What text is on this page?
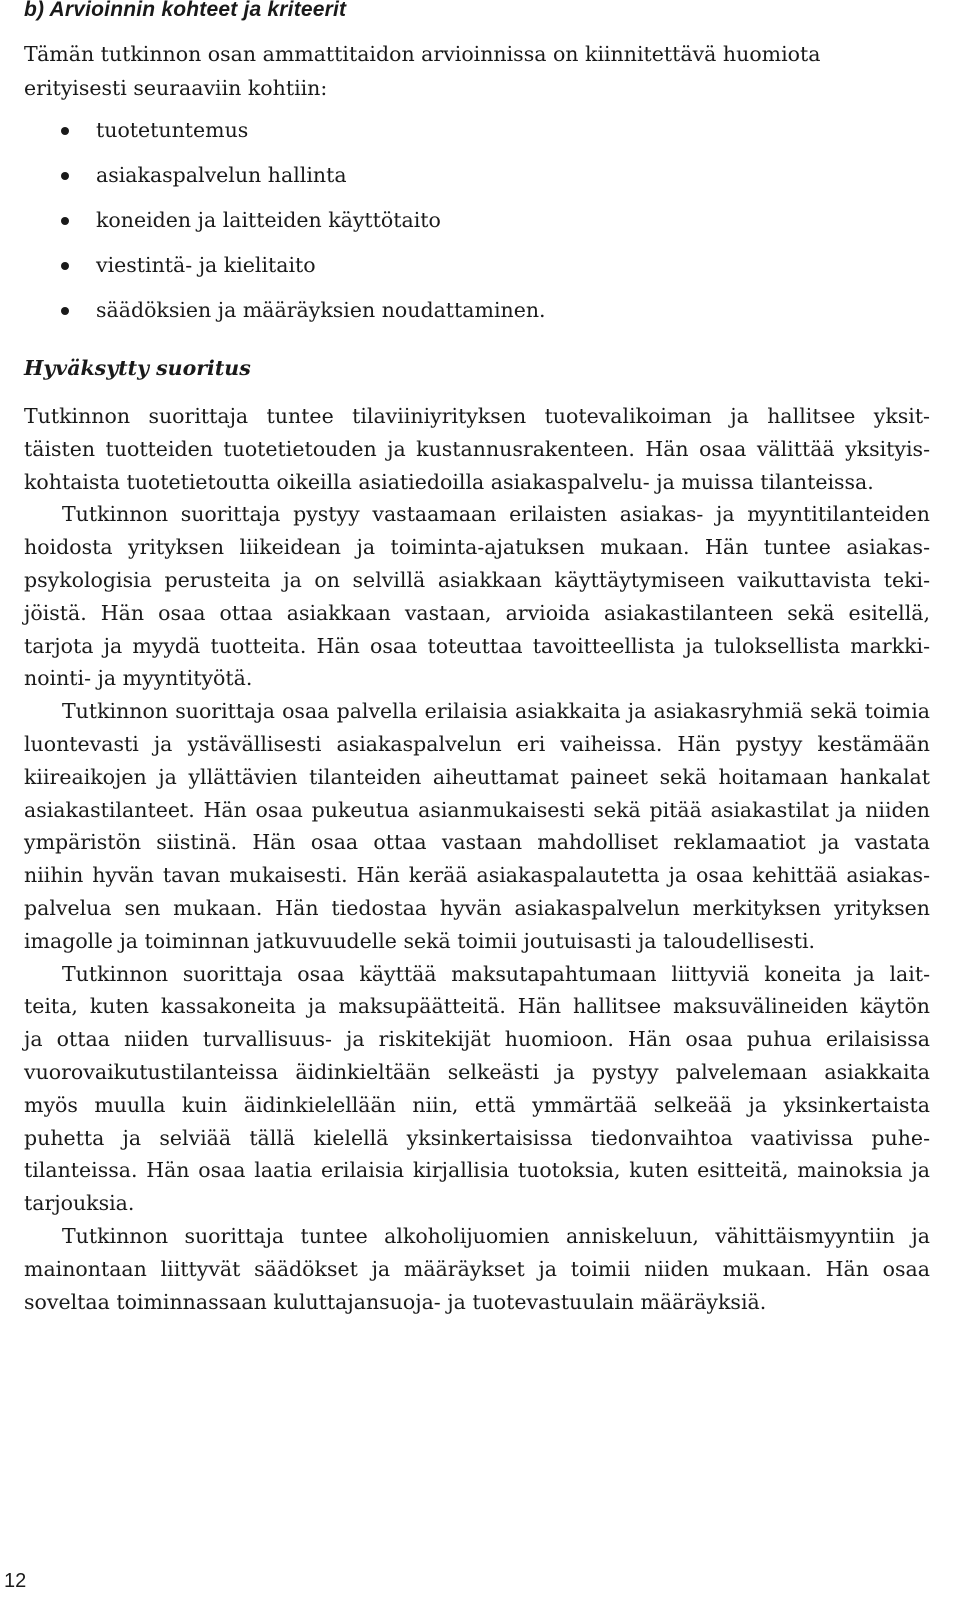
b) Arvioinnin kohteet ja kriteerit

Tämän tutkinnon osan ammattitaidon arvioinnissa on kiinnitettävä huomiota erityisesti seuraaviin kohtiin:

tuotetuntemus
asiakaspalvelun hallinta
koneiden ja laitteiden käyttötaito
viestintä- ja kielitaito
säädöksien ja määräyksien noudattaminen.
Hyväksytty suoritus
Tutkinnon suorittaja tuntee tilaviiniyrityksen tuotevalikoiman ja hallitsee yksit-
täisten tuotteiden tuotetietouden ja kustannusrakenteen. Hän osaa välittää yksityis-
kohtaista tuotetietoutta oikeilla asiatiedoilla asiakaspalvelu- ja muissa tilanteissa.
Tutkinnon suorittaja pystyy vastaamaan erilaisten asiakas- ja myyntitilanteiden
hoidosta yrityksen liikeidean ja toiminta-ajatuksen mukaan. Hän tuntee asiakas-
psykologisia perusteita ja on selvillä asiakkaan käyttäytymiseen vaikuttavista teki-
jöistä. Hän osaa ottaa asiakkaan vastaan, arvioida asiakastilanteen sekä esitellä,
tarjota ja myydä tuotteita. Hän osaa toteuttaa tavoitteellista ja tuloksellista markki-
nointi- ja myyntityötä.
Tutkinnon suorittaja osaa palvella erilaisia asiakkaita ja asiakasryhmiä sekä toimia
luontevasti ja ystävällisesti asiakaspalvelun eri vaiheissa. Hän pystyy kestämään
kiireaikojen ja yllättävien tilanteiden aiheuttamat paineet sekä hoitamaan hankalat
asiakastilanteet. Hän osaa pukeutua asianmukaisesti sekä pitää asiakastilat ja niiden
ympäristön siistinä. Hän osaa ottaa vastaan mahdolliset reklamaatiot ja vastata
niihin hyvän tavan mukaisesti. Hän kerää asiakaspalautetta ja osaa kehittää asiakas-
palvelua sen mukaan. Hän tiedostaa hyvän asiakaspalvelun merkityksen yrityksen
imagolle ja toiminnan jatkuvuudelle sekä toimii joutuisasti ja taloudellisesti.
Tutkinnon suorittaja osaa käyttää maksutapahtumaan liittyviä koneita ja lait-
teita, kuten kassakoneita ja maksupäätteitä. Hän hallitsee maksuvälineiden käytön
ja ottaa niiden turvallisuus- ja riskitekijät huomioon. Hän osaa puhua erilaisissa
vuorovaikutustilanteissa äidinkieltään selkeästi ja pystyy palvelemaan asiakkaita
myös muulla kuin äidinkielellään niin, että ymmärtää selkeää ja yksinkertaista
puhetta ja selviää tällä kielellä yksinkertaisissa tiedonvaihtoa vaativissa puhe-
tilanteissa. Hän osaa laatia erilaisia kirjallisia tuotoksia, kuten esitteitä, mainoksia ja
tarjouksia.
Tutkinnon suorittaja tuntee alkoholijuomien anniskeluun, vähittäismyyntiin ja
mainontaan liittyvät säädökset ja määräykset ja toimii niiden mukaan. Hän osaa
soveltaa toiminnassaan kuluttajansuoja- ja tuotevastuulain määräyksiä.

12
